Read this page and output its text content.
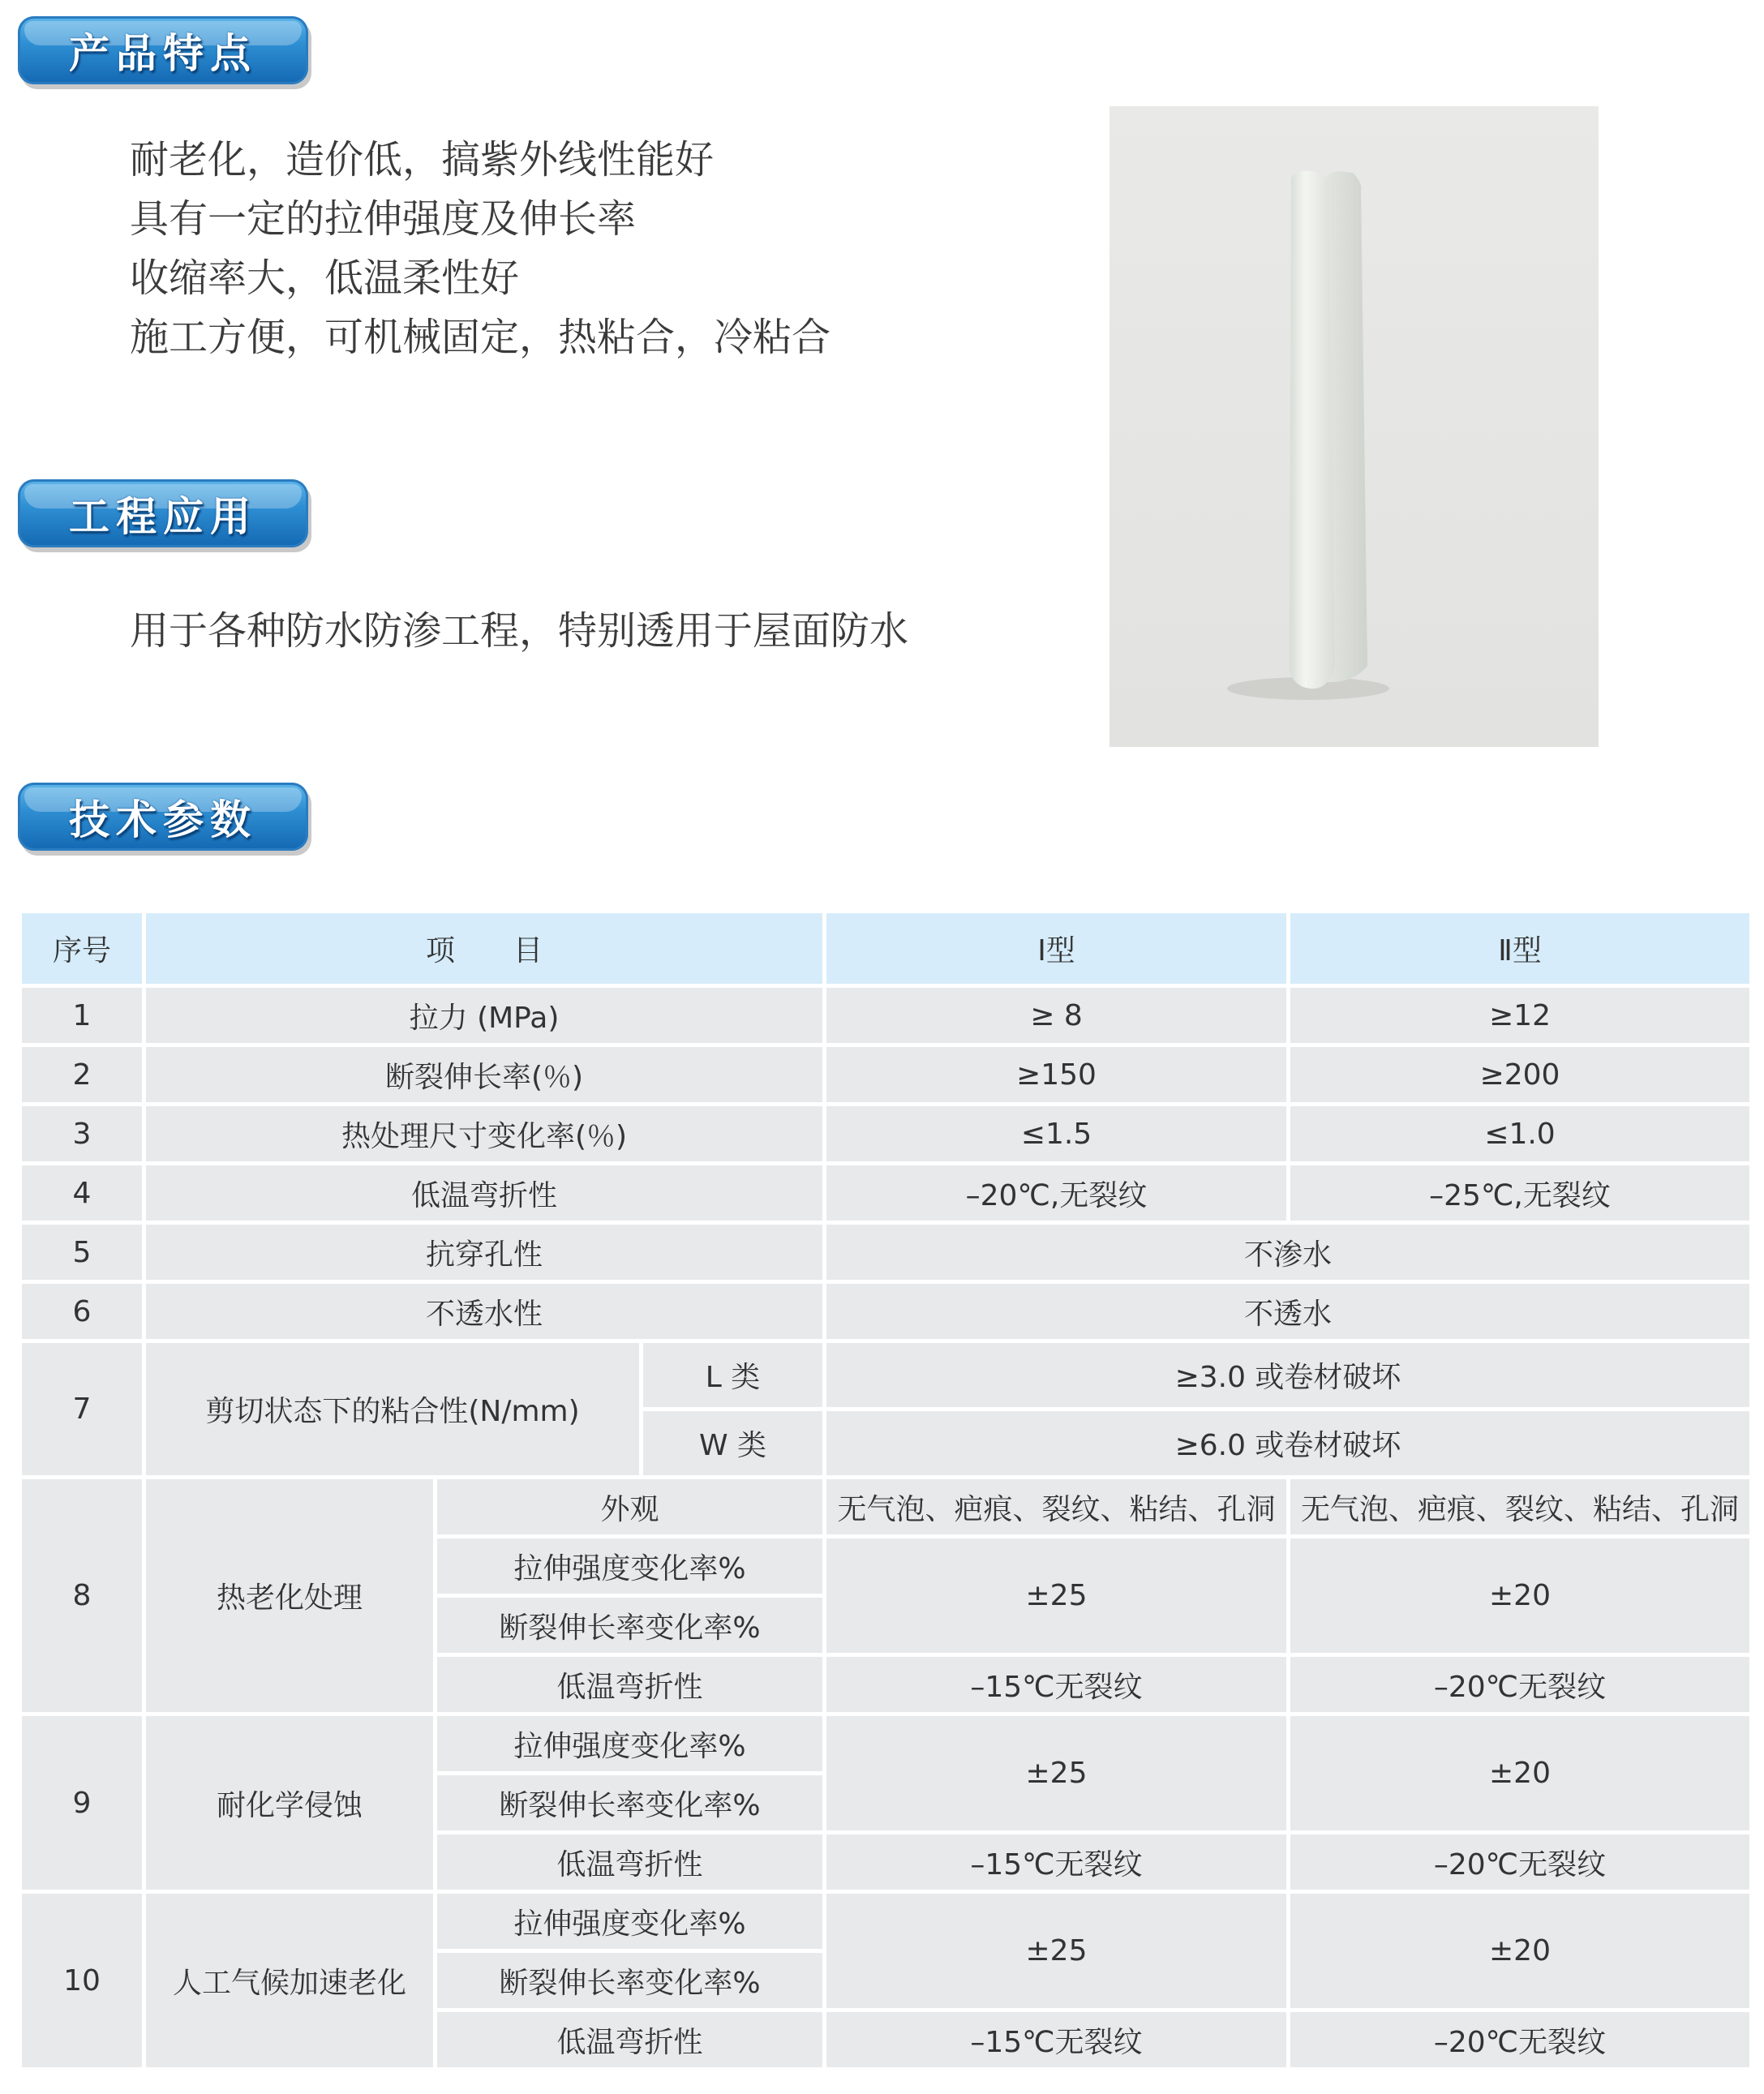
产品特点
耐老化，造价低，搞紫外线性能好
具有一定的拉伸强度及伸长率
收缩率大，低温柔性好
施工方便，可机械固定，热粘合，冷粘合
工程应用
用于各种防水防渗工程，特别透用于屋面防水
技术参数
序号	项　　目			Ⅰ型	Ⅱ型
1	拉力 (MPa)			≥ 8	≥12
2	断裂伸长率(％)			≥150	≥200
3	热处理尺寸变化率(％)			≤1.5	≤1.0
4	低温弯折性			–20℃,无裂纹	–25℃,无裂纹
5	抗穿孔性			不渗水	
6	不透水性			不透水	
7	剪切状态下的粘合性(N/mm)		L 类	≥3.0 或卷材破坏	
			W 类	≥6.0 或卷材破坏	
8	热老化处理	外观		无气泡、疤痕、裂纹、粘结、孔洞	无气泡、疤痕、裂纹、粘结、孔洞
		拉伸强度变化率%		±25	±20
		断裂伸长率变化率%			
		低温弯折性		–15℃无裂纹	–20℃无裂纹
9	耐化学侵蚀	拉伸强度变化率%		±25	±20
		断裂伸长率变化率%			
		低温弯折性		–15℃无裂纹	–20℃无裂纹
10	人工气候加速老化	拉伸强度变化率%		±25	±20
		断裂伸长率变化率%			
		低温弯折性		–15℃无裂纹	–20℃无裂纹
